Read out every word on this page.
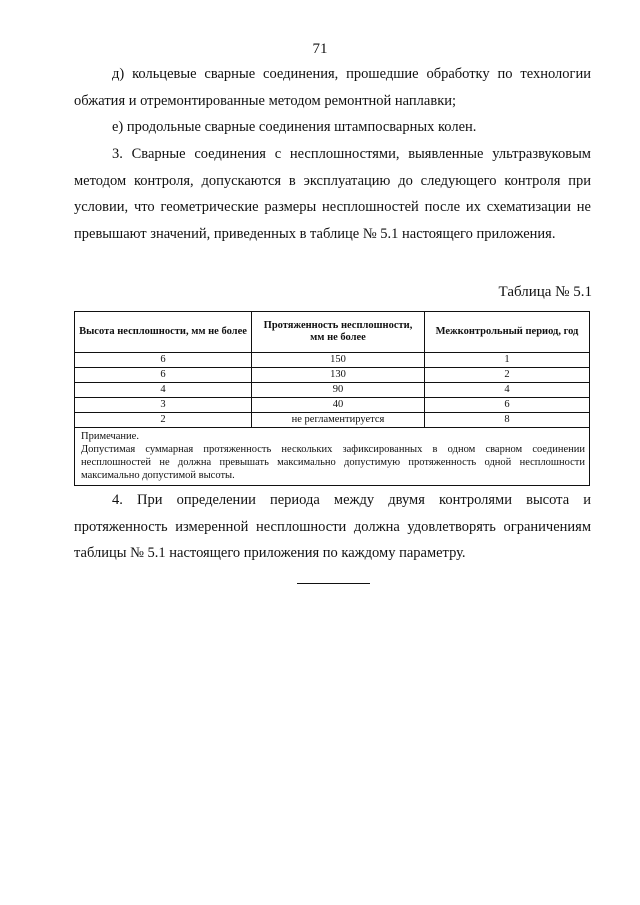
71

д) кольцевые сварные соединения, прошедшие обработку по технологии обжатия и отремонтированные методом ремонтной наплавки;

е) продольные сварные соединения штампосварных колен.

3. Сварные соединения с несплошностями, выявленные ультразвуковым методом контроля, допускаются в эксплуатацию до следующего контроля при условии, что геометрические размеры несплошностей после их схематизации не превышают значений, приведенных в таблице № 5.1 настоящего приложения.

Таблица № 5.1
Высота несплошности, мм не более	Протяженность несплошности, мм не более	Межконтрольный период, год
6	150	1
6	130	2
4	90	4
3	40	6
2	не регламентируется	8

Примечание.
Допустимая суммарная протяженность нескольких зафиксированных в одном сварном соединении несплошностей не должна превышать максимально допустимую протяженность одной несплошности максимально допустимой высоты.		

4. При определении периода между двумя контролями высота и протяженность измеренной несплошности должна удовлетворять ограничениям таблицы № 5.1 настоящего приложения по каждому параметру.
